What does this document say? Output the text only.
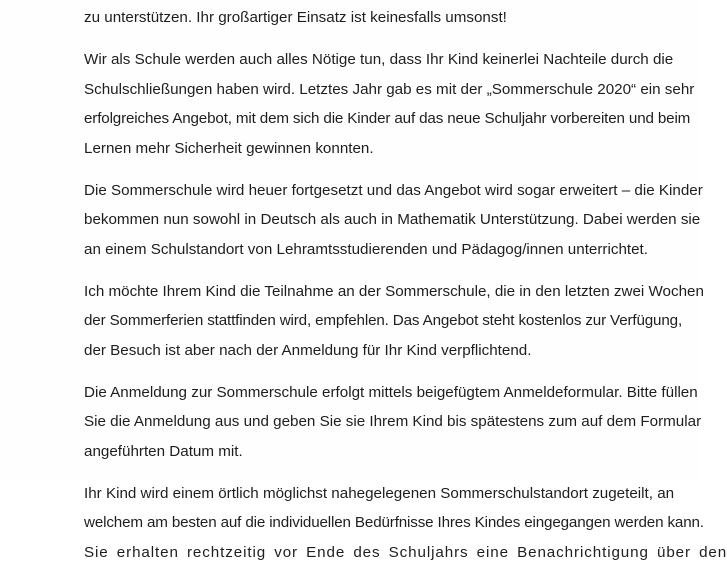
zu unterstützen. Ihr großartiger Einsatz ist keinesfalls umsonst!

Wir als Schule werden auch alles Nötige tun, dass Ihr Kind keinerlei Nachteile durch die
Schulschließungen haben wird. Letztes Jahr gab es mit der „Sommerschule 2020“ ein sehr
erfolgreiches Angebot, mit dem sich die Kinder auf das neue Schuljahr vorbereiten und beim
Lernen mehr Sicherheit gewinnen konnten.

Die Sommerschule wird heuer fortgesetzt und das Angebot wird sogar erweitert – die Kinder
bekommen nun sowohl in Deutsch als auch in Mathematik Unterstützung. Dabei werden sie
an einem Schulstandort von Lehramtsstudierenden und Pädagog/innen unterrichtet.

Ich möchte Ihrem Kind die Teilnahme an der Sommerschule, die in den letzten zwei Wochen
der Sommerferien stattfinden wird, empfehlen. Das Angebot steht kostenlos zur Verfügung,
der Besuch ist aber nach der Anmeldung für Ihr Kind verpflichtend.

Die Anmeldung zur Sommerschule erfolgt mittels beigefügtem Anmeldeformular. Bitte füllen
Sie die Anmeldung aus und geben Sie sie Ihrem Kind bis spätestens zum auf dem Formular
angeführten Datum mit.

Ihr Kind wird einem örtlich möglichst nahegelegenen Sommerschulstandort zugeteilt, an
welchem am besten auf die individuellen Bedürfnisse Ihres Kindes eingegangen werden kann.
Sie erhalten rechtzeitig vor Ende des Schuljahrs eine Benachrichtigung über den
